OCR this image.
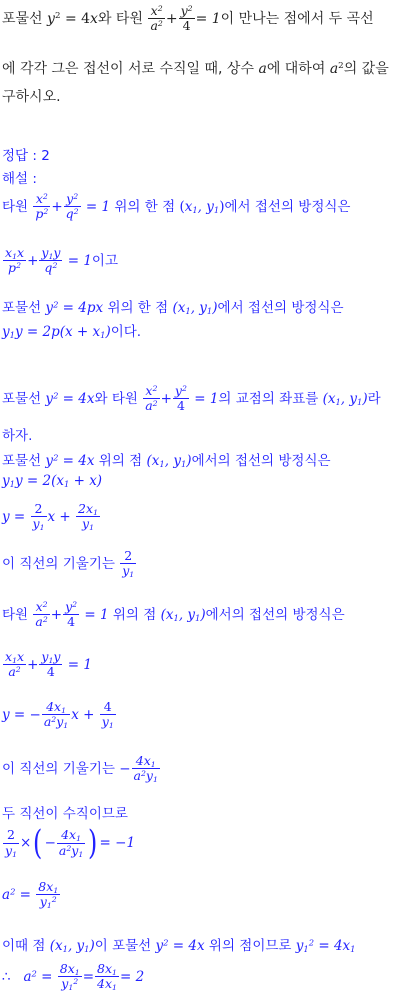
포물선 $y^2 = 4x$와 타원 $\frac{x^2}{a^2} + \frac{y^2}{4} = 1$이 만나는 점에서 두 곡선
에 각각 그은 접선이 서로 수직일 때, 상수 a에 대하여 $a^2$의 값을
구하시오.
정답 : 2
해설 :
타원 $\frac{x^2}{p^2} + \frac{y^2}{q^2} = 1$ 위의 한 점 ($x_1$, $y_1$)에서 접선의 방정식은
$\frac{x_1x}{p^2} + \frac{y_1y}{q^2} = 1$이고
포물선 $y^2 = 4px$ 위의 한 점 ($x_1$, $y_1$)에서 접선의 방정식은
$y_1y = 2p(x + x_1)$이다.
포물선 $y^2 = 4x$와 타원 $\frac{x^2}{a^2} + \frac{y^2}{4} = 1$의 교점의 좌표를 ($x_1$, $y_1$)라
하자.
포물선 $y^2 = 4x$ 위의 점 ($x_1$, $y_1$)에서의 접선의 방정식은
$y_1y = 2(x_1 + x)$
$y = \frac{2}{y_1}$ $x + \frac{2x_1}{y_1}$
이 직선의 기울기는 $\frac{2}{y_1}$
타원 $\frac{x^2}{a^2} + \frac{y^2}{4} = 1$ 위의 점 ($x_1$, $y_1$)에서의 접선의 방정식은
$\frac{x_1x}{a^2} + \frac{y_1y}{4} = 1$
y = − $\frac{4x_1}{a^2y_1}$ $x + \frac{4}{y_1}$
이 직선의 기울기는 − $\frac{4x_1}{a^2y_1}$
두 직선이 수직이므로
$\frac{2}{y_1}$ ×( − $\frac{4x_1}{a^2y_1}$ ) = −1
$a^2 = \frac{8x_1}{y_1^2}$
이때 점 ($x_1$, $y_1$)이 포물선 $y^2 = 4x$ 위의 점이므로 $y_1^2 = 4x_1$
∴   $a^2 = \frac{8x_1}{y_1^2} = \frac{8x_1}{4x_1} = 2$
